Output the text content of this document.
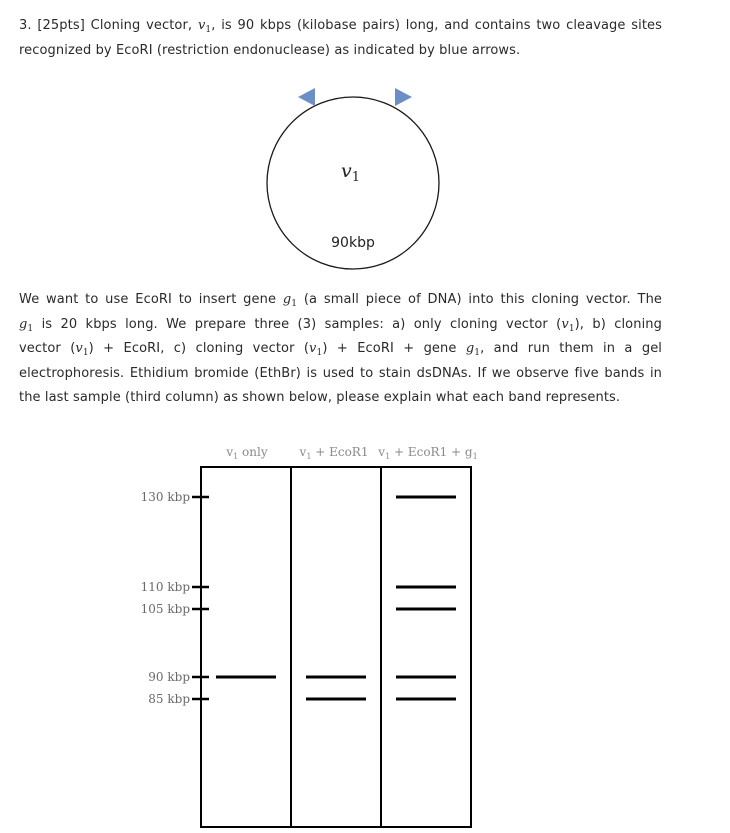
3. [25pts] Cloning vector, $v_1$, is 90 kbps (kilobase pairs) long, and contains two cleavage sites
recognized by EcoRI (restriction endonuclease) as indicated by blue arrows.
We want to use EcoRI to insert gene $g_1$ (a small piece of DNA) into this cloning vector. The
$g_1$ is 20 kbps long. We prepare three (3) samples: a) only cloning vector $(v_1)$, b) cloning
vector $(v_1)$ + EcoRI, c) cloning vector $(v_1)$ + EcoRI + gene $g_1$, and run them in a gel
electrophoresis. Ethidium bromide (EthBr) is used to stain dsDNAs. If we observe five bands in
the last sample (third column) as shown below, please explain what each band represents.
$v_1$
90kbp
$v_1$ only	$v_1$ + EcoR1 $v_1$ + EcoR1 + $g_1$
130 kbp
110 kbp
105 kbp
90 kbp
85 kbp
